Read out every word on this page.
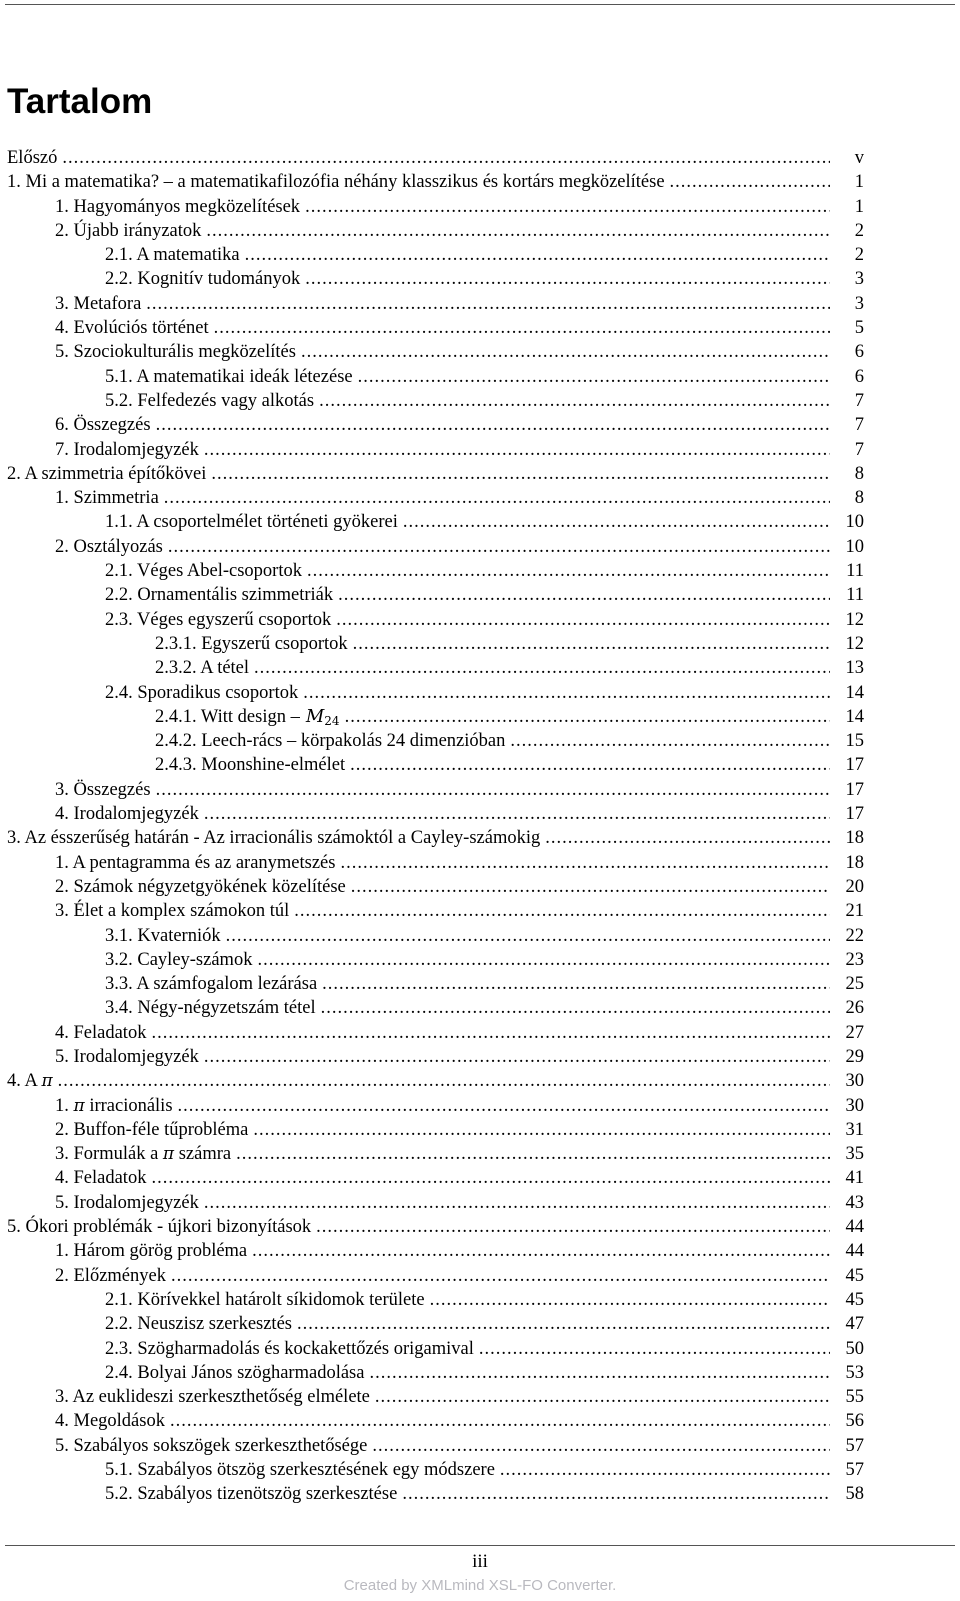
Tartalom
Előszó .....	v
1. Mi a matematika? – a matematikafilozófia néhány klasszikus és kortárs megközelítése .....	1
1. Hagyományos megközelítések .....	1
2. Újabb irányzatok .....	2
2.1. A matematika .....	2
2.2. Kognitív tudományok .....	3
3. Metafora .....	3
4. Evolúciós történet .....	5
5. Szociokulturális megközelítés .....	6
5.1. A matematikai ideák létezése .....	6
5.2. Felfedezés vagy alkotás .....	7
6. Összegzés .....	7
7. Irodalomjegyzék .....	7
2. A szimmetria építőkövei .....	8
1. Szimmetria .....	8
1.1. A csoportelmélet történeti gyökerei .....	10
2. Osztályozás .....	10
2.1. Véges Abel-csoportok .....	11
2.2. Ornamentális szimmetriák .....	11
2.3. Véges egyszerű csoportok .....	12
2.3.1. Egyszerű csoportok .....	12
2.3.2. A tétel .....	13
2.4. Sporadikus csoportok .....	14
2.4.1. Witt design – $M_{24}$ .....	14
2.4.2. Leech-rács – körpakolás 24 dimenzióban .....	15
2.4.3. Moonshine-elmélet .....	17
3. Összegzés .....	17
4. Irodalomjegyzék .....	17
3. Az ésszerűség határán - Az irracionális számoktól a Cayley-számokig .....	18
1. A pentagramma és az aranymetszés .....	18
2. Számok négyzetgyökének közelítése .....	20
3. Élet a komplex számokon túl .....	21
3.1. Kvaterniók .....	22
3.2. Cayley-számok .....	23
3.3. A számfogalom lezárása .....	25
3.4. Négy-négyzetszám tétel .....	26
4. Feladatok .....	27
5. Irodalomjegyzék .....	29
4. A π .....	30
1. π irracionális .....	30
2. Buffon-féle tűprobléma .....	31
3. Formulák a π számra .....	35
4. Feladatok .....	41
5. Irodalomjegyzék .....	43
5. Ókori problémák - újkori bizonyítások .....	44
1. Három görög probléma .....	44
2. Előzmények .....	45
2.1. Körívekkel határolt síkidomok területe .....	45
2.2. Neuszisz szerkesztés .....	47
2.3. Szögharmadolás és kockakettőzés origamival .....	50
2.4. Bolyai János szögharmadolása .....	53
3. Az euklideszi szerkeszthetőség elmélete .....	55
4. Megoldások .....	56
5. Szabályos sokszögek szerkeszthetősége .....	57
5.1. Szabályos ötszög szerkesztésének egy módszere .....	57
5.2. Szabályos tizenötszög szerkesztése .....	58
iii
Created by XMLmind XSL-FO Converter.
